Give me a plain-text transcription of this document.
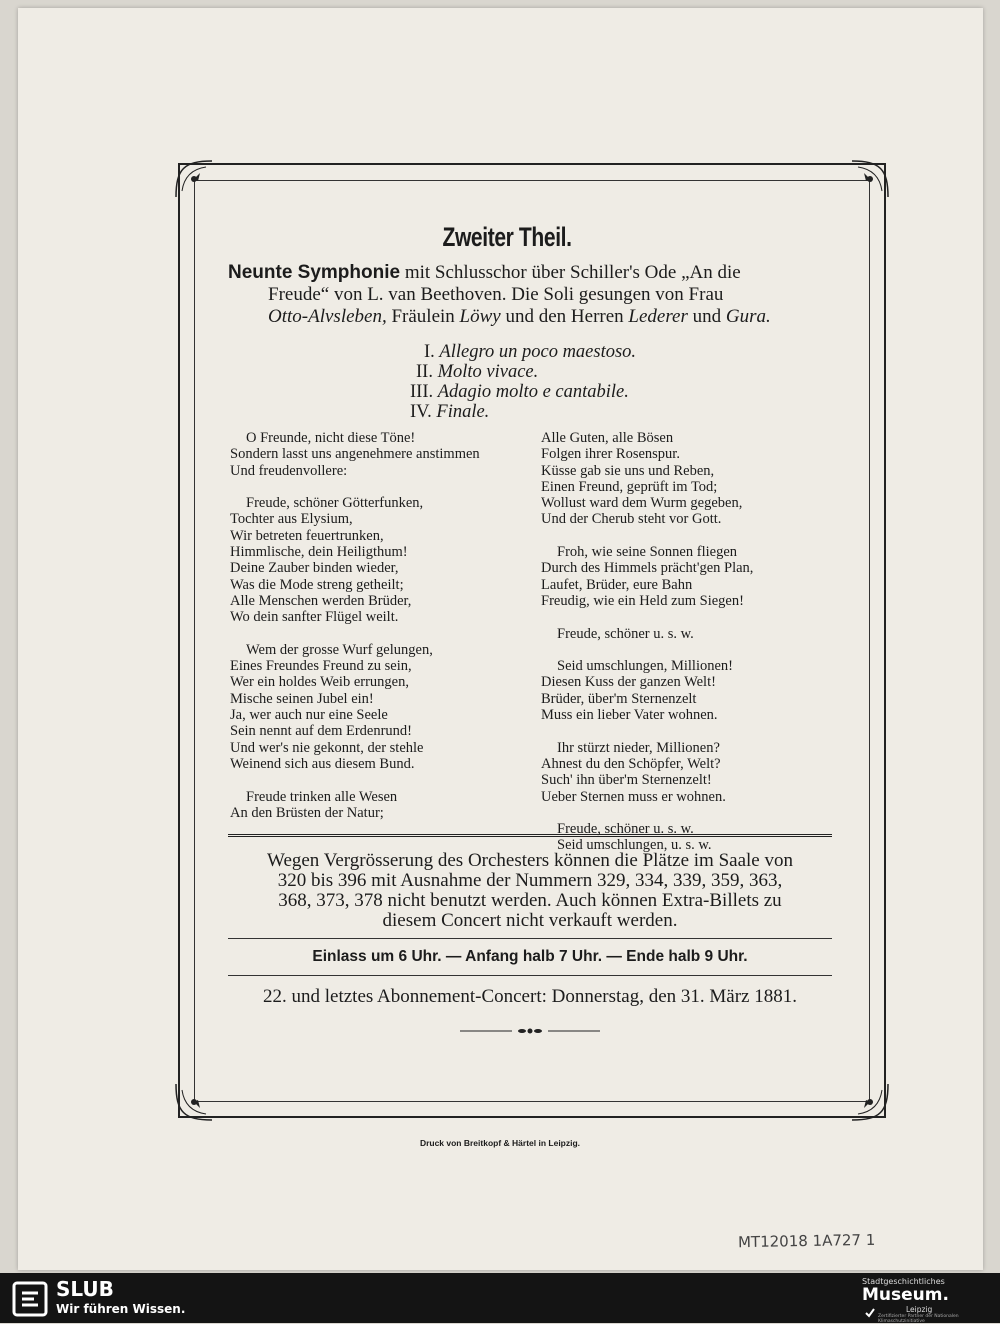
Zweiter Theil.
Neunte Symphonie mit Schlusschor über Schiller's Ode „An die
Freude“ von L. van Beethoven. Die Soli gesungen von Frau
Otto-Alvsleben, Fräulein Löwy und den Herren Lederer und Gura.
I. Allegro un poco maestoso.
II. Molto vivace.
III. Adagio molto e cantabile.
IV. Finale.
O Freunde, nicht diese Töne!
Sondern lasst uns angenehmere anstimmen
Und freudenvollere:
Freude, schöner Götterfunken,
Tochter aus Elysium,
Wir betreten feuertrunken,
Himmlische, dein Heiligthum!
Deine Zauber binden wieder,
Was die Mode streng getheilt;
Alle Menschen werden Brüder,
Wo dein sanfter Flügel weilt.
Wem der grosse Wurf gelungen,
Eines Freundes Freund zu sein,
Wer ein holdes Weib errungen,
Mische seinen Jubel ein!
Ja, wer auch nur eine Seele
Sein nennt auf dem Erdenrund!
Und wer's nie gekonnt, der stehle
Weinend sich aus diesem Bund.
Freude trinken alle Wesen
An den Brüsten der Natur;
Alle Guten, alle Bösen
Folgen ihrer Rosenspur.
Küsse gab sie uns und Reben,
Einen Freund, geprüft im Tod;
Wollust ward dem Wurm gegeben,
Und der Cherub steht vor Gott.
Froh, wie seine Sonnen fliegen
Durch des Himmels prächt'gen Plan,
Laufet, Brüder, eure Bahn
Freudig, wie ein Held zum Siegen!
Freude, schöner u. s. w.
Seid umschlungen, Millionen!
Diesen Kuss der ganzen Welt!
Brüder, über'm Sternenzelt
Muss ein lieber Vater wohnen.
Ihr stürzt nieder, Millionen?
Ahnest du den Schöpfer, Welt?
Such' ihn über'm Sternenzelt!
Ueber Sternen muss er wohnen.
Freude, schöner u. s. w.
Seid umschlungen, u. s. w.
Wegen Vergrösserung des Orchesters können die Plätze im Saale von
320 bis 396 mit Ausnahme der Nummern 329, 334, 339, 359, 363,
368, 373, 378 nicht benutzt werden. Auch können Extra-Billets zu
diesem Concert nicht verkauft werden.
Einlass um 6 Uhr. — Anfang halb 7 Uhr. — Ende halb 9 Uhr.
22. und letztes Abonnement-Concert: Donnerstag, den 31. März 1881.
Druck von Breitkopf & Härtel in Leipzig.
MT12018 1A727 1
SLUB
Wir führen Wissen.
Stadtgeschichtliches
Museum.
Leipzig
Zertifizierter Partner der Nationalen Klimaschutzinitiative
